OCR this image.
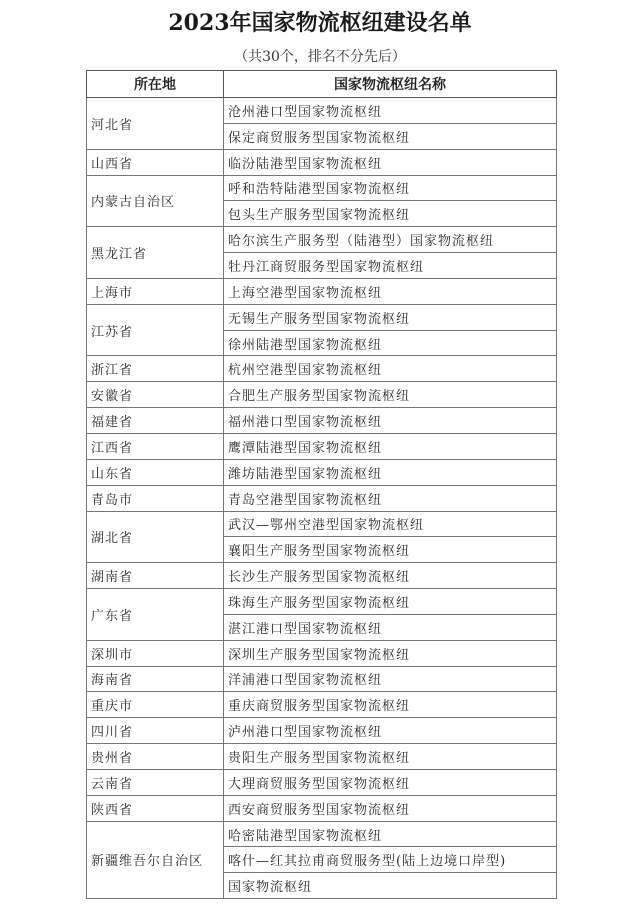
2023年国家物流枢纽建设名单
（共30个，排名不分先后）
所在地	国家物流枢纽名称
河北省	沧州港口型国家物流枢纽
	保定商贸服务型国家物流枢纽
山西省	临汾陆港型国家物流枢纽
内蒙古自治区	呼和浩特陆港型国家物流枢纽
	包头生产服务型国家物流枢纽
黑龙江省	哈尔滨生产服务型（陆港型）国家物流枢纽
	牡丹江商贸服务型国家物流枢纽
上海市	上海空港型国家物流枢纽
江苏省	无锡生产服务型国家物流枢纽
	徐州陆港型国家物流枢纽
浙江省	杭州空港型国家物流枢纽
安徽省	合肥生产服务型国家物流枢纽
福建省	福州港口型国家物流枢纽
江西省	鹰潭陆港型国家物流枢纽
山东省	潍坊陆港型国家物流枢纽
青岛市	青岛空港型国家物流枢纽
湖北省	武汉—鄂州空港型国家物流枢纽
	襄阳生产服务型国家物流枢纽
湖南省	长沙生产服务型国家物流枢纽
广东省	珠海生产服务型国家物流枢纽
	湛江港口型国家物流枢纽
深圳市	深圳生产服务型国家物流枢纽
海南省	洋浦港口型国家物流枢纽
重庆市	重庆商贸服务型国家物流枢纽
四川省	泸州港口型国家物流枢纽
贵州省	贵阳生产服务型国家物流枢纽
云南省	大理商贸服务型国家物流枢纽
陕西省	西安商贸服务型国家物流枢纽
新疆维吾尔自治区	哈密陆港型国家物流枢纽
	喀什—红其拉甫商贸服务型(陆上边境口岸型)
	国家物流枢纽
